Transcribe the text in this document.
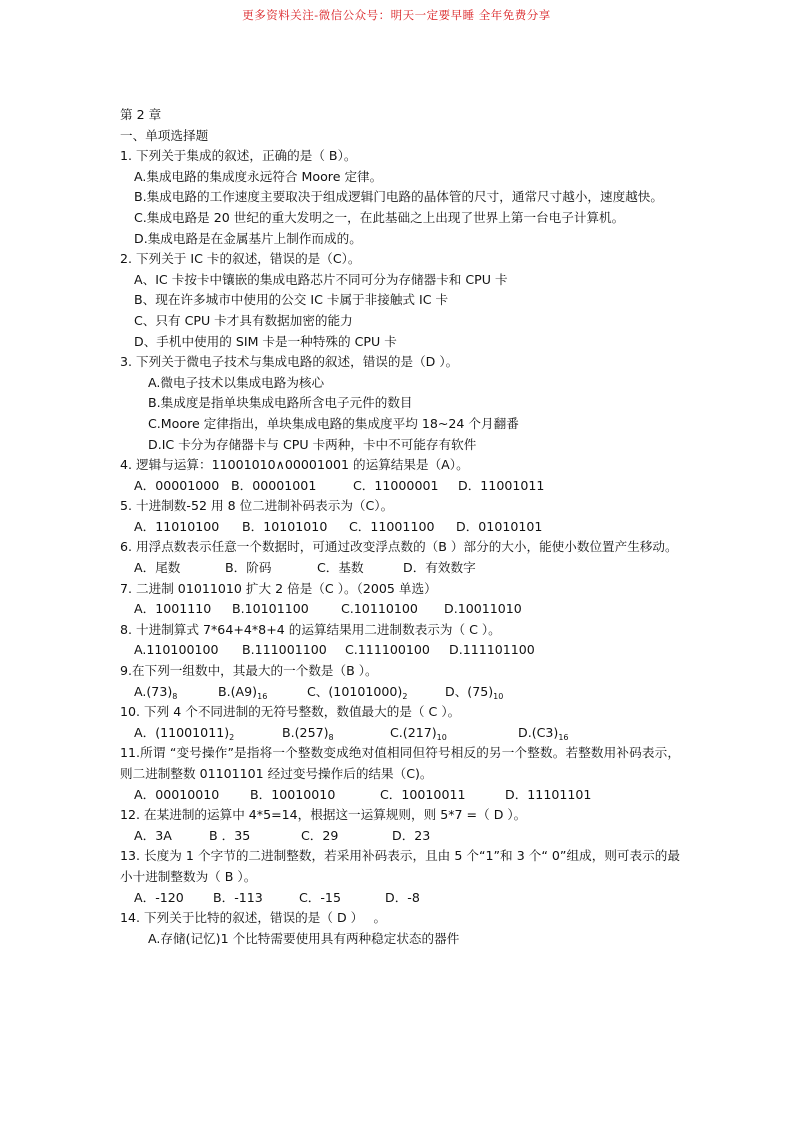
更多资料关注-微信公众号：明天一定要早睡 全年免费分享
第 2 章
一、单项选择题
1. 下列关于集成的叙述，正确的是（ B）。
A.集成电路的集成度永远符合 Moore 定律。
B.集成电路的工作速度主要取决于组成逻辑门电路的晶体管的尺寸，通常尺寸越小，速度越快。
C.集成电路是 20 世纪的重大发明之一，在此基础之上出现了世界上第一台电子计算机。
D.集成电路是在金属基片上制作而成的。
2. 下列关于 IC 卡的叙述，错误的是（C）。
A、IC 卡按卡中镶嵌的集成电路芯片不同可分为存储器卡和 CPU 卡
B、现在许多城市中使用的公交 IC 卡属于非接触式 IC 卡
C、只有 CPU 卡才具有数据加密的能力
D、手机中使用的 SIM 卡是一种特殊的 CPU 卡
3. 下列关于微电子技术与集成电路的叙述，错误的是（D ）。
A.微电子技术以集成电路为核心
B.集成度是指单块集成电路所含电子元件的数目
C.Moore 定律指出，单块集成电路的集成度平均 18~24 个月翻番
D.IC 卡分为存储器卡与 CPU 卡两种，卡中不可能存有软件
4. 逻辑与运算：11001010∧00001001 的运算结果是（A）。
A．00001000 B．00001001	C．11000001	D．11001011
5. 十进制数-52 用 8 位二进制补码表示为（C）。
A．11010100	B．10101010	C．11001100	D．01010101
6. 用浮点数表示任意一个数据时，可通过改变浮点数的（B ）部分的大小，能使小数位置产生移动。
A．尾数	B．阶码	C．基数	D．有效数字
7. 二进制 01011010 扩大 2 倍是（C ）。（2005 单选）
A．1001110	B.10101100	C.10110100	D.10011010
8. 十进制算式 7*64+4*8+4 的运算结果用二进制数表示为（ C ）。
A.110100100	B.111001100	C.111100100	D.111101100
9.在下列一组数中，其最大的一个数是（B ）。
$A.(73)_8$	$B.(A9)_{16}$	C、$(10101000)_2$	D、$(75)_{10}$
10. 下列 4 个不同进制的无符号整数，数值最大的是（ C ）。
A．$(11001011)_2$	$B.(257)_8$	$C.(217)_{10}$	$D.(C3)_{16}$
11.所谓 “变号操作”是指将一个整数变成绝对值相同但符号相反的另一个整数。若整数用补码表示，则二进制整数 01101101 经过变号操作后的结果（C)。
A．00010010	B．10010010	C．10010011	D．11101101
12. 在某进制的运算中 4*5=14，根据这一运算规则，则 5*7 =（ D ）。
A．3A	B ．35	C．29	D．23
13. 长度为 1 个字节的二进制整数，若采用补码表示，且由 5 个“1”和 3 个“ 0”组成，则可表示的最小十进制整数为（ B ）。
A．-120	B．-113	C．-15	D．-8
14. 下列关于比特的叙述，错误的是（ D ）　 。
A.存储(记忆)1 个比特需要使用具有两种稳定状态的器件
